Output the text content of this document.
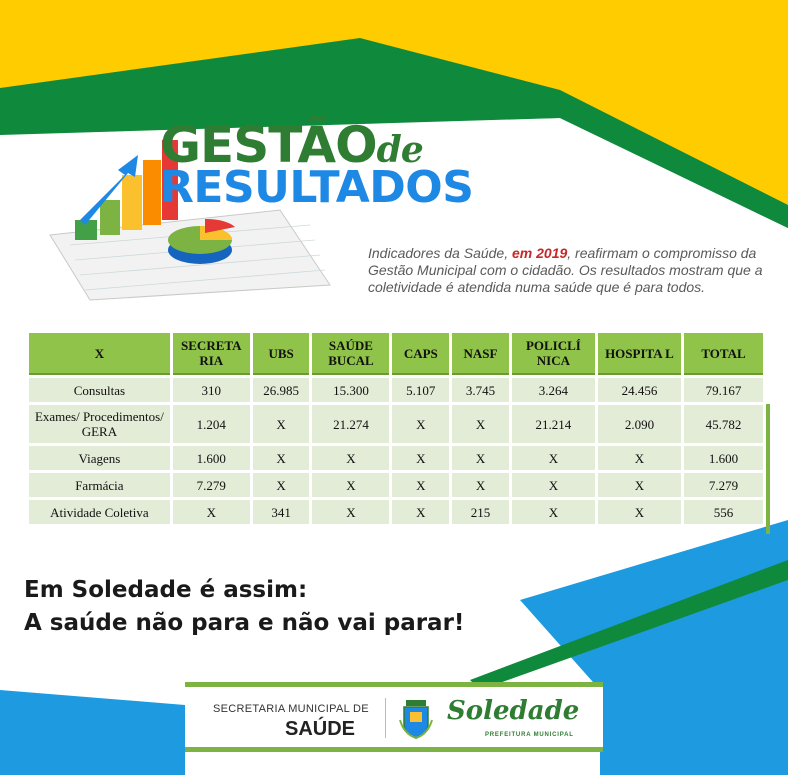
GESTÃOde
RESULTADOS
Indicadores da Saúde, em 2019, reafirmam o compromisso da Gestão Municipal com o cidadão. Os resultados mostram que a coletividade é atendida numa saúde que é para todos.
X	SECRETA RIA	UBS	SAÚDE BUCAL	CAPS	NASF	POLICLÍ NICA	HOSPITA L	TOTAL
Consultas	310	26.985	15.300	5.107	3.745	3.264	24.456	79.167
Exames/ Procedimentos/ GERA	1.204	X	21.274	X	X	21.214	2.090	45.782
Viagens	1.600	X	X	X	X	X	X	1.600
Farmácia	7.279	X	X	X	X	X	X	7.279
Atividade Coletiva	X	341	X	X	215	X	X	556
Em Soledade é assim:
A saúde não para e não vai parar!
SECRETARIA MUNICIPAL DE
SAÚDE
Soledade
PREFEITURA MUNICIPAL
